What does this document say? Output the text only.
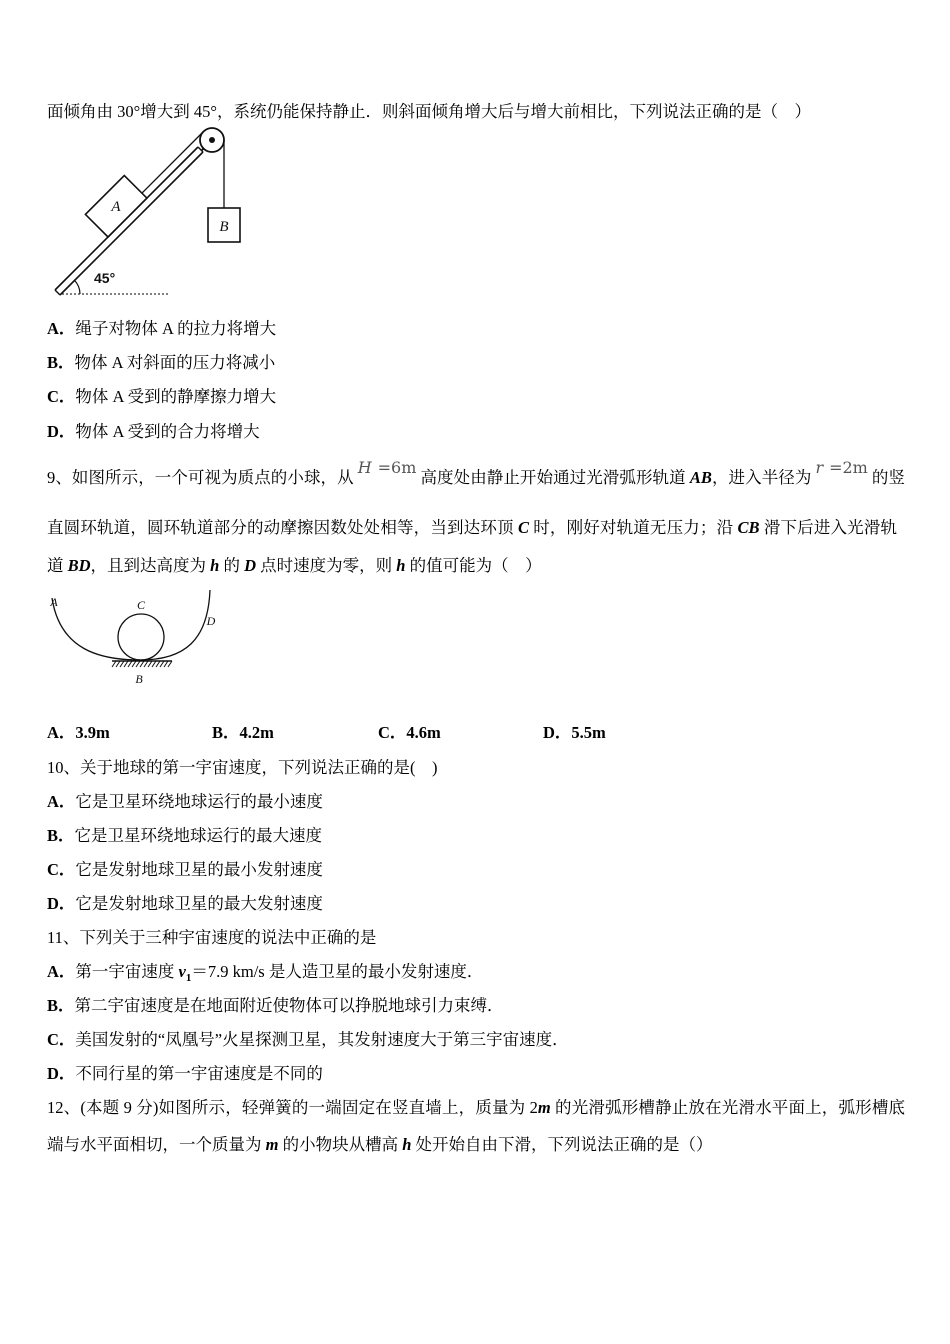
面倾角由 30°增大到 45°，系统仍能保持静止．则斜面倾角增大后与增大前相比，下列说法正确的是（　）
A
B
45°
A．绳子对物体 A 的拉力将增大
B．物体 A 对斜面的压力将减小
C．物体 A 受到的静摩擦力增大
D．物体 A 受到的合力将增大
9、如图所示，一个可视为质点的小球，从H =6m高度处由静止开始通过光滑弧形轨道 AB，进入半径为r =2m的竖
直圆环轨道，圆环轨道部分的动摩擦因数处处相等，当到达环顶 C 时，刚好对轨道无压力；沿 CB 滑下后进入光滑轨
道 BD，且到达高度为 h 的 D 点时速度为零，则 h 的值可能为（　）
A	C
D
B
A．3.9m	B．4.2m	C．4.6m	D．5.5m
10、关于地球的第一宇宙速度，下列说法正确的是(　)
A．它是卫星环绕地球运行的最小速度
B．它是卫星环绕地球运行的最大速度
C．它是发射地球卫星的最小发射速度
D．它是发射地球卫星的最大发射速度
11、下列关于三种宇宙速度的说法中正确的是
A．第一宇宙速度 $v_1=7.9$ km/s 是人造卫星的最小发射速度．
B．第二宇宙速度是在地面附近使物体可以挣脱地球引力束缚．
C．美国发射的“凤凰号”火星探测卫星，其发射速度大于第三宇宙速度．
D．不同行星的第一宇宙速度是不同的
12、(本题 9 分)如图所示，轻弹簧的一端固定在竖直墙上，质量为 2m 的光滑弧形槽静止放在光滑水平面上，弧形槽底
端与水平面相切，一个质量为 m 的小物块从槽高 h 处开始自由下滑，下列说法正确的是（）
